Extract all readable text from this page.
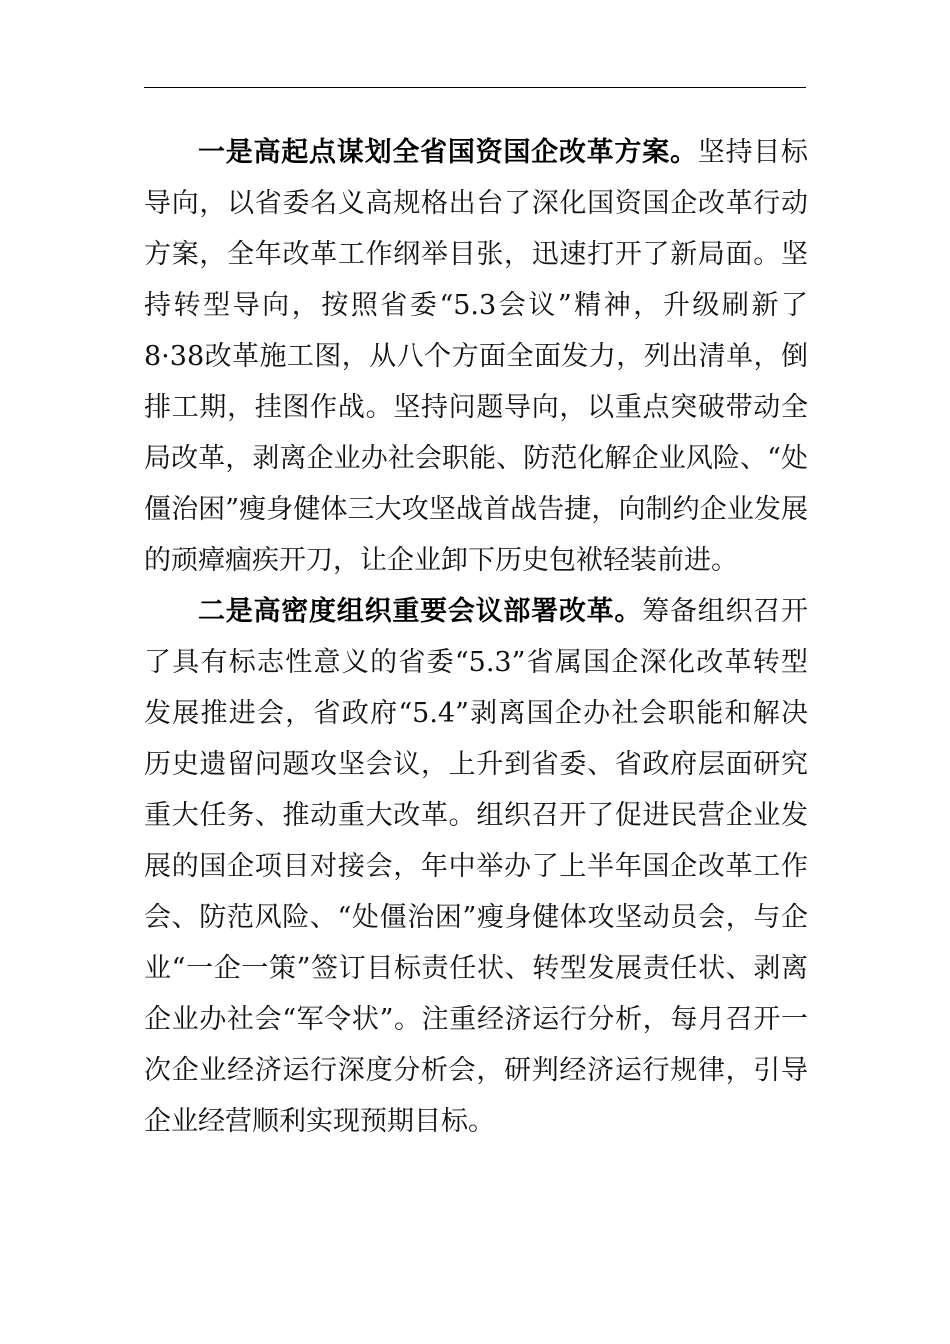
一是高起点谋划全省国资国企改革方案。坚持目标导向，以省委名义高规格出台了深化国资国企改革行动方案，全年改革工作纲举目张，迅速打开了新局面。坚持转型导向，按照省委“5.3会议”精神，升级刷新了8·38改革施工图，从八个方面全面发力，列出清单，倒排工期，挂图作战。坚持问题导向，以重点突破带动全局改革，剥离企业办社会职能、防范化解企业风险、“处僵治困”瘦身健体三大攻坚战首战告捷，向制约企业发展的顽瘴痼疾开刀，让企业卸下历史包袱轻装前进。

二是高密度组织重要会议部署改革。筹备组织召开了具有标志性意义的省委“5.3”省属国企深化改革转型发展推进会，省政府“5.4”剥离国企办社会职能和解决历史遗留问题攻坚会议，上升到省委、省政府层面研究重大任务、推动重大改革。组织召开了促进民营企业发展的国企项目对接会，年中举办了上半年国企改革工作会、防范风险、“处僵治困”瘦身健体攻坚动员会，与企业“一企一策”签订目标责任状、转型发展责任状、剥离企业办社会“军令状”。注重经济运行分析，每月召开一次企业经济运行深度分析会，研判经济运行规律，引导企业经营顺利实现预期目标。
